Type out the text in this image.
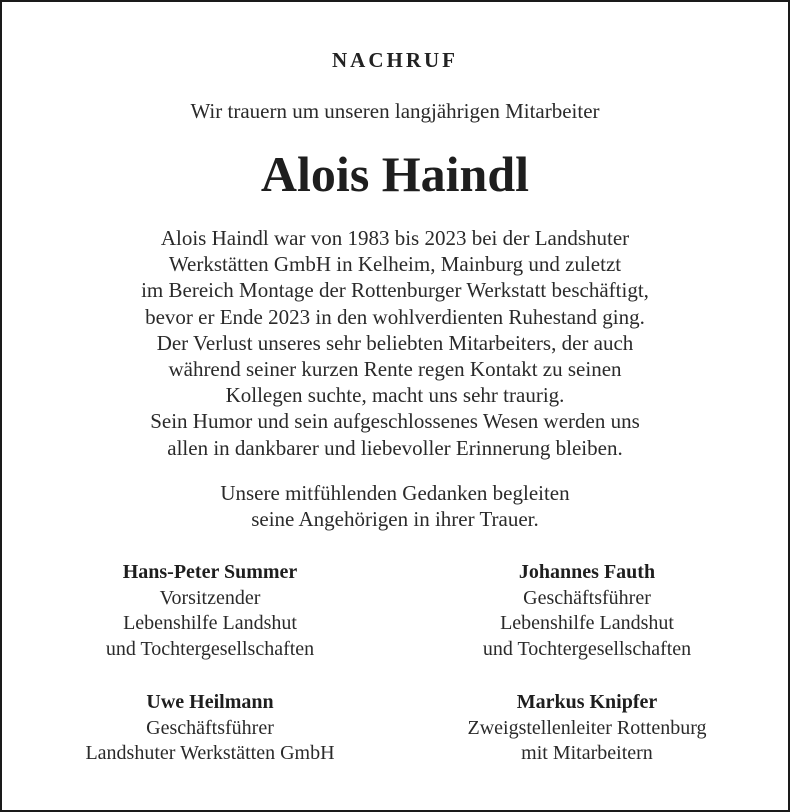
NACHRUF
Wir trauern um unseren langjährigen Mitarbeiter
Alois Haindl
Alois Haindl war von 1983 bis 2023 bei der Landshuter
Werkstätten GmbH in Kelheim, Mainburg und zuletzt
im Bereich Montage der Rottenburger Werkstatt beschäftigt,
bevor er Ende 2023 in den wohlverdienten Ruhestand ging.
Der Verlust unseres sehr beliebten Mitarbeiters, der auch
während seiner kurzen Rente regen Kontakt zu seinen
Kollegen suchte, macht uns sehr traurig.
Sein Humor und sein aufgeschlossenes Wesen werden uns
allen in dankbarer und liebevoller Erinnerung bleiben.
Unsere mitfühlenden Gedanken begleiten
seine Angehörigen in ihrer Trauer.
Hans-Peter Summer
Vorsitzender
Lebenshilfe Landshut
und Tochtergesellschaften
Johannes Fauth
Geschäftsführer
Lebenshilfe Landshut
und Tochtergesellschaften
Uwe Heilmann
Geschäftsführer
Landshuter Werkstätten GmbH
Markus Knipfer
Zweigstellenleiter Rottenburg
mit Mitarbeitern
